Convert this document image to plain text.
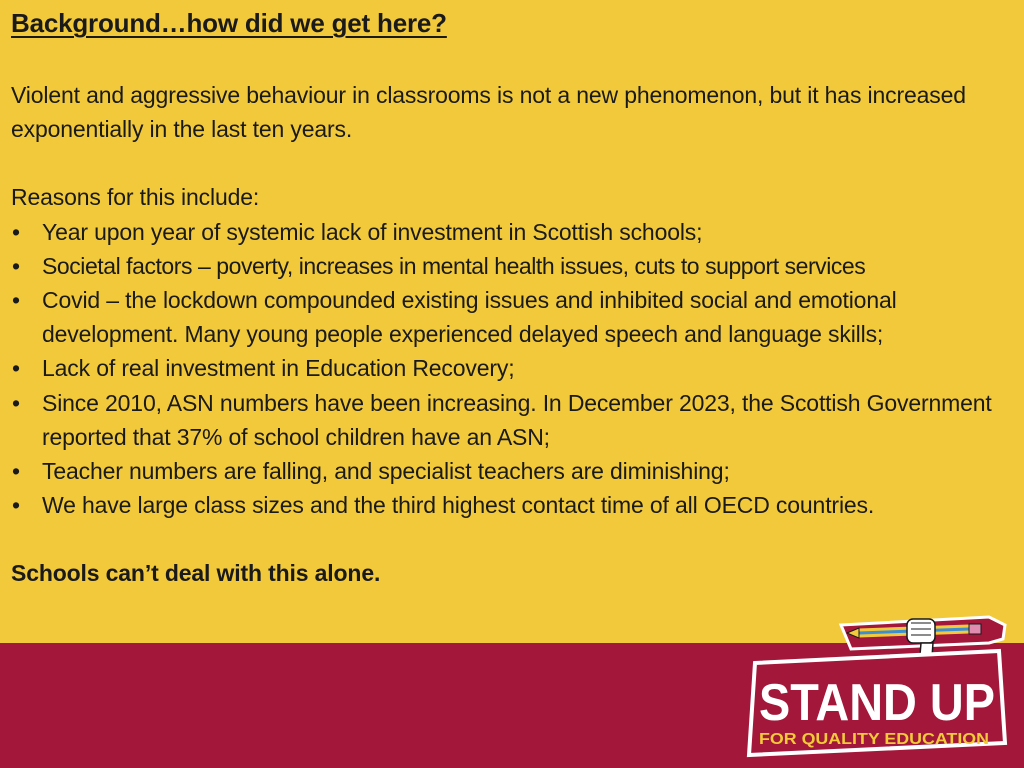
Background…how did we get here?

Violent and aggressive behaviour in classrooms is not a new phenomenon, but it has increased exponentially in the last ten years.

Reasons for this include:

• Year upon year of systemic lack of investment in Scottish schools;
• Societal factors – poverty, increases in mental health issues, cuts to support services
• Covid – the lockdown compounded existing issues and inhibited social and emotional development. Many young people experienced delayed speech and language skills;
• Lack of real investment in Education Recovery;
• Since 2010, ASN numbers have been increasing. In December 2023, the Scottish Government reported that 37% of school children have an ASN;
• Teacher numbers are falling, and specialist teachers are diminishing;
• We have large class sizes and the third highest contact time of all OECD countries.

Schools can’t deal with this alone.

STAND UP
FOR QUALITY EDUCATION
